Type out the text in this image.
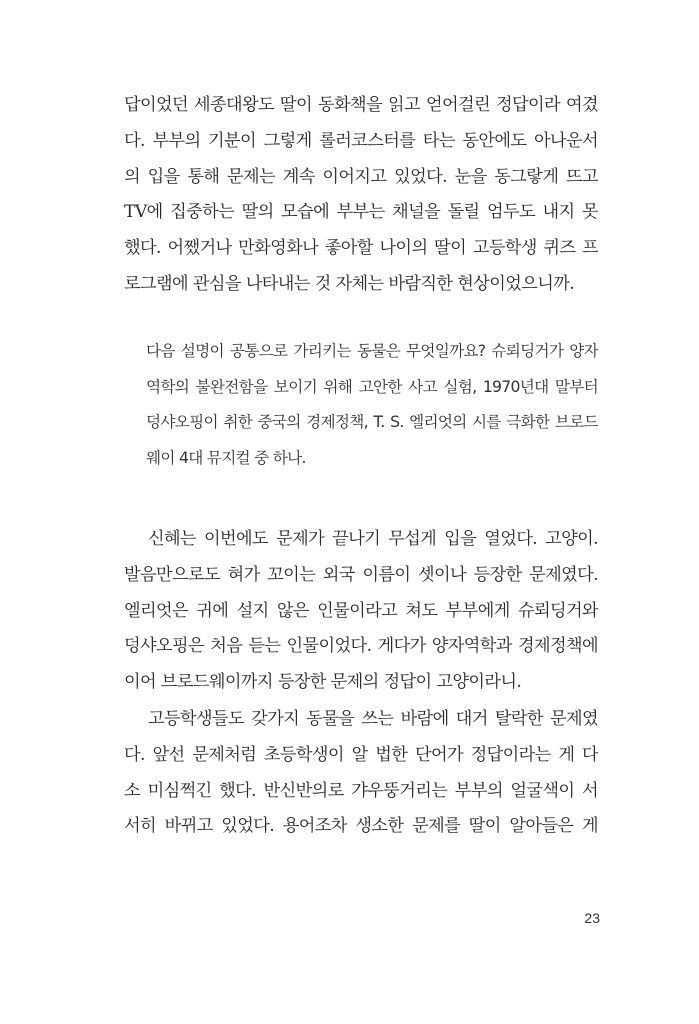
답이었던 세종대왕도 딸이 동화책을 읽고 얻어걸린 정답이라 여겼
다. 부부의 기분이 그렇게 롤러코스터를 타는 동안에도 아나운서
의 입을 통해 문제는 계속 이어지고 있었다. 눈을 동그랗게 뜨고
TV에 집중하는 딸의 모습에 부부는 채널을 돌릴 엄두도 내지 못
했다. 어쨌거나 만화영화나 좋아할 나이의 딸이 고등학생 퀴즈 프
로그램에 관심을 나타내는 것 자체는 바람직한 현상이었으니까.
다음 설명이 공통으로 가리키는 동물은 무엇일까요? 슈뢰딩거가 양자
역학의 불완전함을 보이기 위해 고안한 사고 실험, 1970년대 말부터
덩샤오핑이 취한 중국의 경제정책, T. S. 엘리엇의 시를 극화한 브로드
웨이 4대 뮤지컬 중 하나.
신혜는 이번에도 문제가 끝나기 무섭게 입을 열었다. 고양이.
발음만으로도 혀가 꼬이는 외국 이름이 셋이나 등장한 문제였다.
엘리엇은 귀에 설지 않은 인물이라고 쳐도 부부에게 슈뢰딩거와
덩샤오핑은 처음 듣는 인물이었다. 게다가 양자역학과 경제정책에
이어 브로드웨이까지 등장한 문제의 정답이 고양이라니.
고등학생들도 갖가지 동물을 쓰는 바람에 대거 탈락한 문제였
다. 앞선 문제처럼 초등학생이 알 법한 단어가 정답이라는 게 다
소 미심쩍긴 했다. 반신반의로 갸우뚱거리는 부부의 얼굴색이 서
서히 바뀌고 있었다. 용어조차 생소한 문제를 딸이 알아들은 게
23
